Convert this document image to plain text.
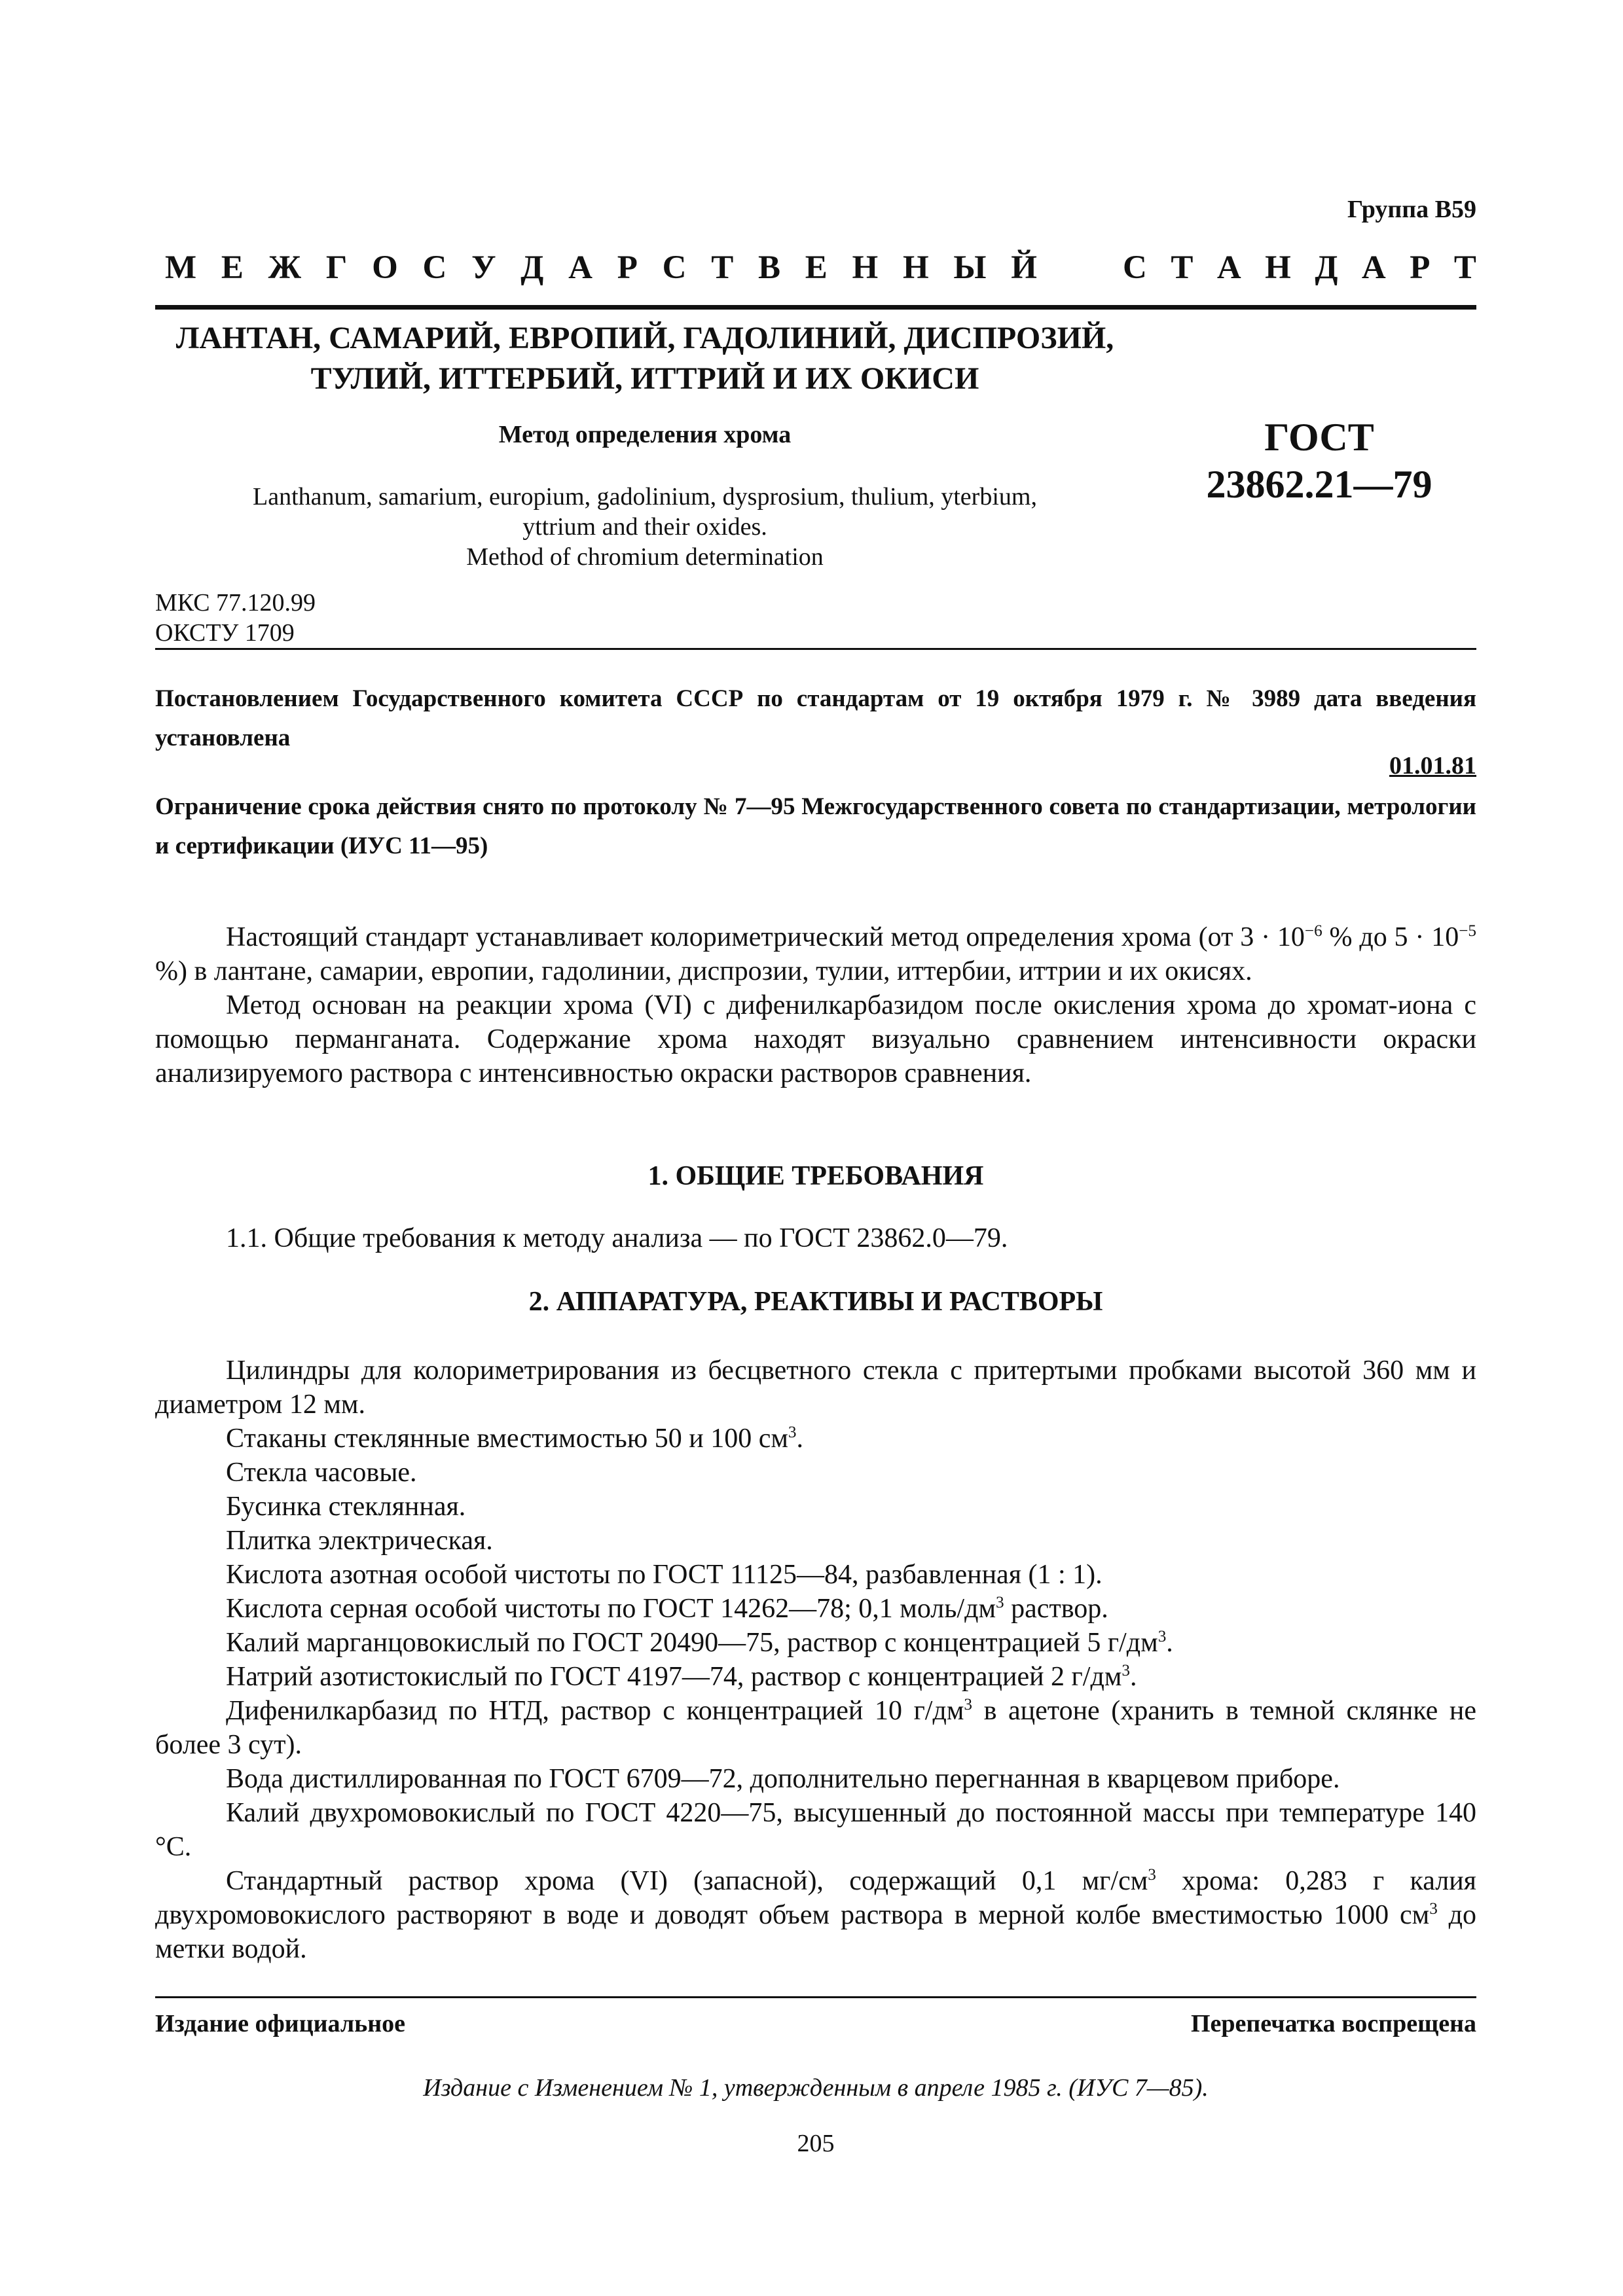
Группа В59
М Е Ж Г О С У Д А Р С Т В Е Н Н Ы Й	С Т А Н Д А Р Т
ЛАНТАН, САМАРИЙ, ЕВРОПИЙ, ГАДОЛИНИЙ, ДИСПРОЗИЙ,
ТУЛИЙ, ИТТЕРБИЙ, ИТТРИЙ И ИХ ОКИСИ
Метод определения хрома
Lanthanum, samarium, europium, gadolinium, dysprosium, thulium, yterbium,
yttrium and their oxides.
Method of chromium determination
ГОСТ
23862.21—79
МКС 77.120.99
ОКСТУ 1709
Постановлением Государственного комитета СССР по стандартам от 19 октября 1979 г. № 3989 дата введения установлена
01.01.81
Ограничение срока действия снято по протоколу № 7—95 Межгосударственного совета по стандартизации, метрологии и сертификации (ИУС 11—95)

Настоящий стандарт устанавливает колориметрический метод определения хрома (от $3 \cdot 10^{-6}$ % до $5 \cdot 10^{-5}$ %) в лантане, самарии, европии, гадолинии, диспрозии, тулии, иттербии, иттрии и их окисях.

Метод основан на реакции хрома (VI) с дифенилкарбазидом после окисления хрома до хромат-иона с помощью перманганата. Содержание хрома находят визуально сравнением интенсивности окраски анализируемого раствора с интенсивностью окраски растворов сравнения.

1. ОБЩИЕ ТРЕБОВАНИЯ

1.1. Общие требования к методу анализа — по ГОСТ 23862.0—79.

2. АППАРАТУРА, РЕАКТИВЫ И РАСТВОРЫ

Цилиндры для колориметрирования из бесцветного стекла с притертыми пробками высотой 360 мм и диаметром 12 мм.

Стаканы стеклянные вместимостью 50 и 100 $см^3$.

Стекла часовые.

Бусинка стеклянная.

Плитка электрическая.

Кислота азотная особой чистоты по ГОСТ 11125—84, разбавленная (1 : 1).

Кислота серная особой чистоты по ГОСТ 14262—78; 0,1 моль/$дм^3$ раствор.

Калий марганцовокислый по ГОСТ 20490—75, раствор с концентрацией 5 $г/дм^3$.

Натрий азотистокислый по ГОСТ 4197—74, раствор с концентрацией 2 $г/дм^3$.

Дифенилкарбазид по НТД, раствор с концентрацией 10 $г/дм^3$ в ацетоне (хранить в темной склянке не более 3 сут).

Вода дистиллированная по ГОСТ 6709—72, дополнительно перегнанная в кварцевом приборе.

Калий двухромовокислый по ГОСТ 4220—75, высушенный до постоянной массы при температуре 140 °С.

Стандартный раствор хрома (VI) (запасной), содержащий 0,1 $мг/см^3$ хрома: 0,283 г калия двухромовокислого растворяют в воде и доводят объем раствора в мерной колбе вместимостью 1000 $см^3$ до метки водой.

Издание официальное	Перепечатка воспрещена
Издание с Изменением № 1, утвержденным в апреле 1985 г. (ИУС 7—85).
205
